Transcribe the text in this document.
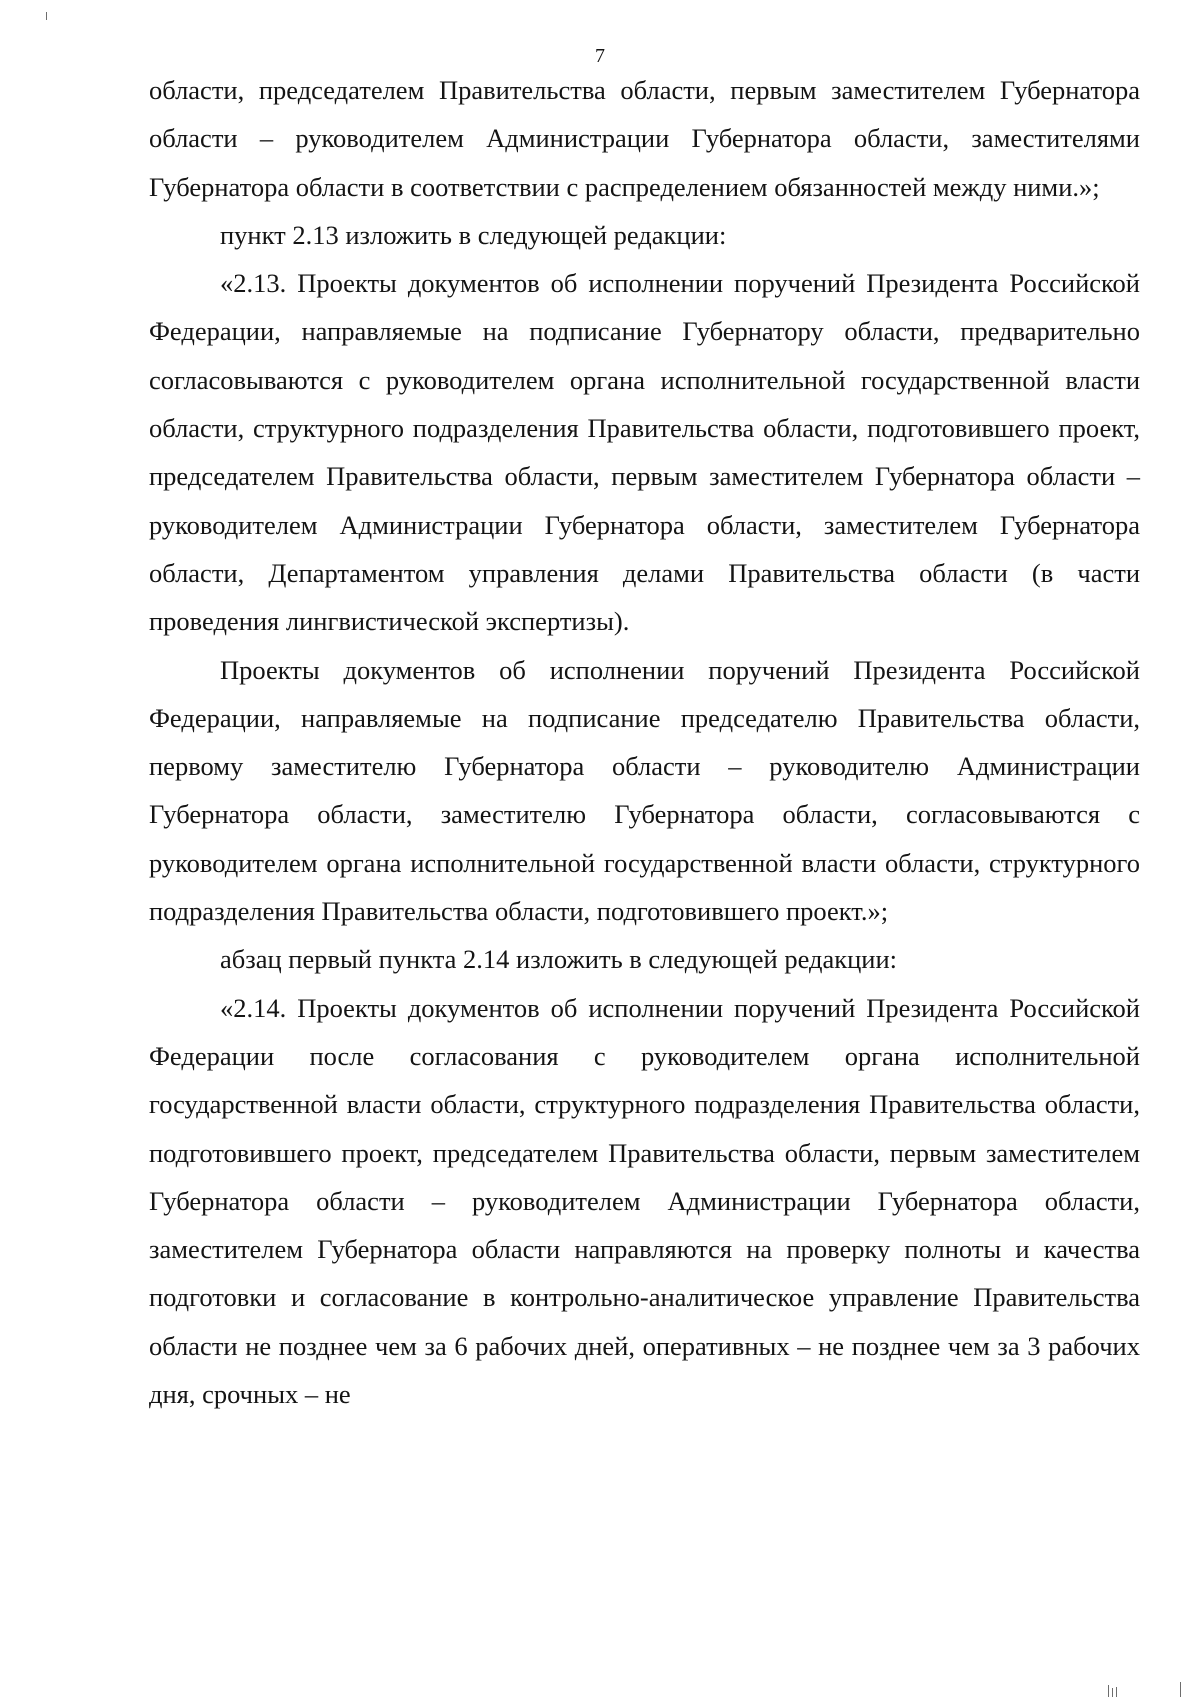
7

области, председателем Правительства области, первым заместителем Губернатора области – руководителем Администрации Губернатора области, заместителями Губернатора области в соответствии с распределением обязанностей между ними.»;

пункт 2.13 изложить в следующей редакции:

«2.13. Проекты документов об исполнении поручений Президента Российской Федерации, направляемые на подписание Губернатору области, предварительно согласовываются с руководителем органа исполнительной государственной власти области, структурного подразделения Правительства области, подготовившего проект, председателем Правительства области, первым заместителем Губернатора области – руководителем Администрации Губернатора области, заместителем Губернатора области, Департаментом управления делами Правительства области (в части проведения лингвистической экспертизы).

Проекты документов об исполнении поручений Президента Российской Федерации, направляемые на подписание председателю Правительства области, первому заместителю Губернатора области – руководителю Администрации Губернатора области, заместителю Губернатора области, согласовываются с руководителем органа исполнительной государственной власти области, структурного подразделения Правительства области, подготовившего проект.»;

абзац первый пункта 2.14 изложить в следующей редакции:

«2.14. Проекты документов об исполнении поручений Президента Российской Федерации после согласования с руководителем органа исполнительной государственной власти области, структурного подразделения Правительства области, подготовившего проект, председателем Правительства области, первым заместителем Губернатора области – руководителем Администрации Губернатора области, заместителем Губернатора области направляются на проверку полноты и качества подготовки и согласование в контрольно-аналитическое управление Правительства области не позднее чем за 6 рабочих дней, оперативных – не позднее чем за 3 рабочих дня, срочных – не
